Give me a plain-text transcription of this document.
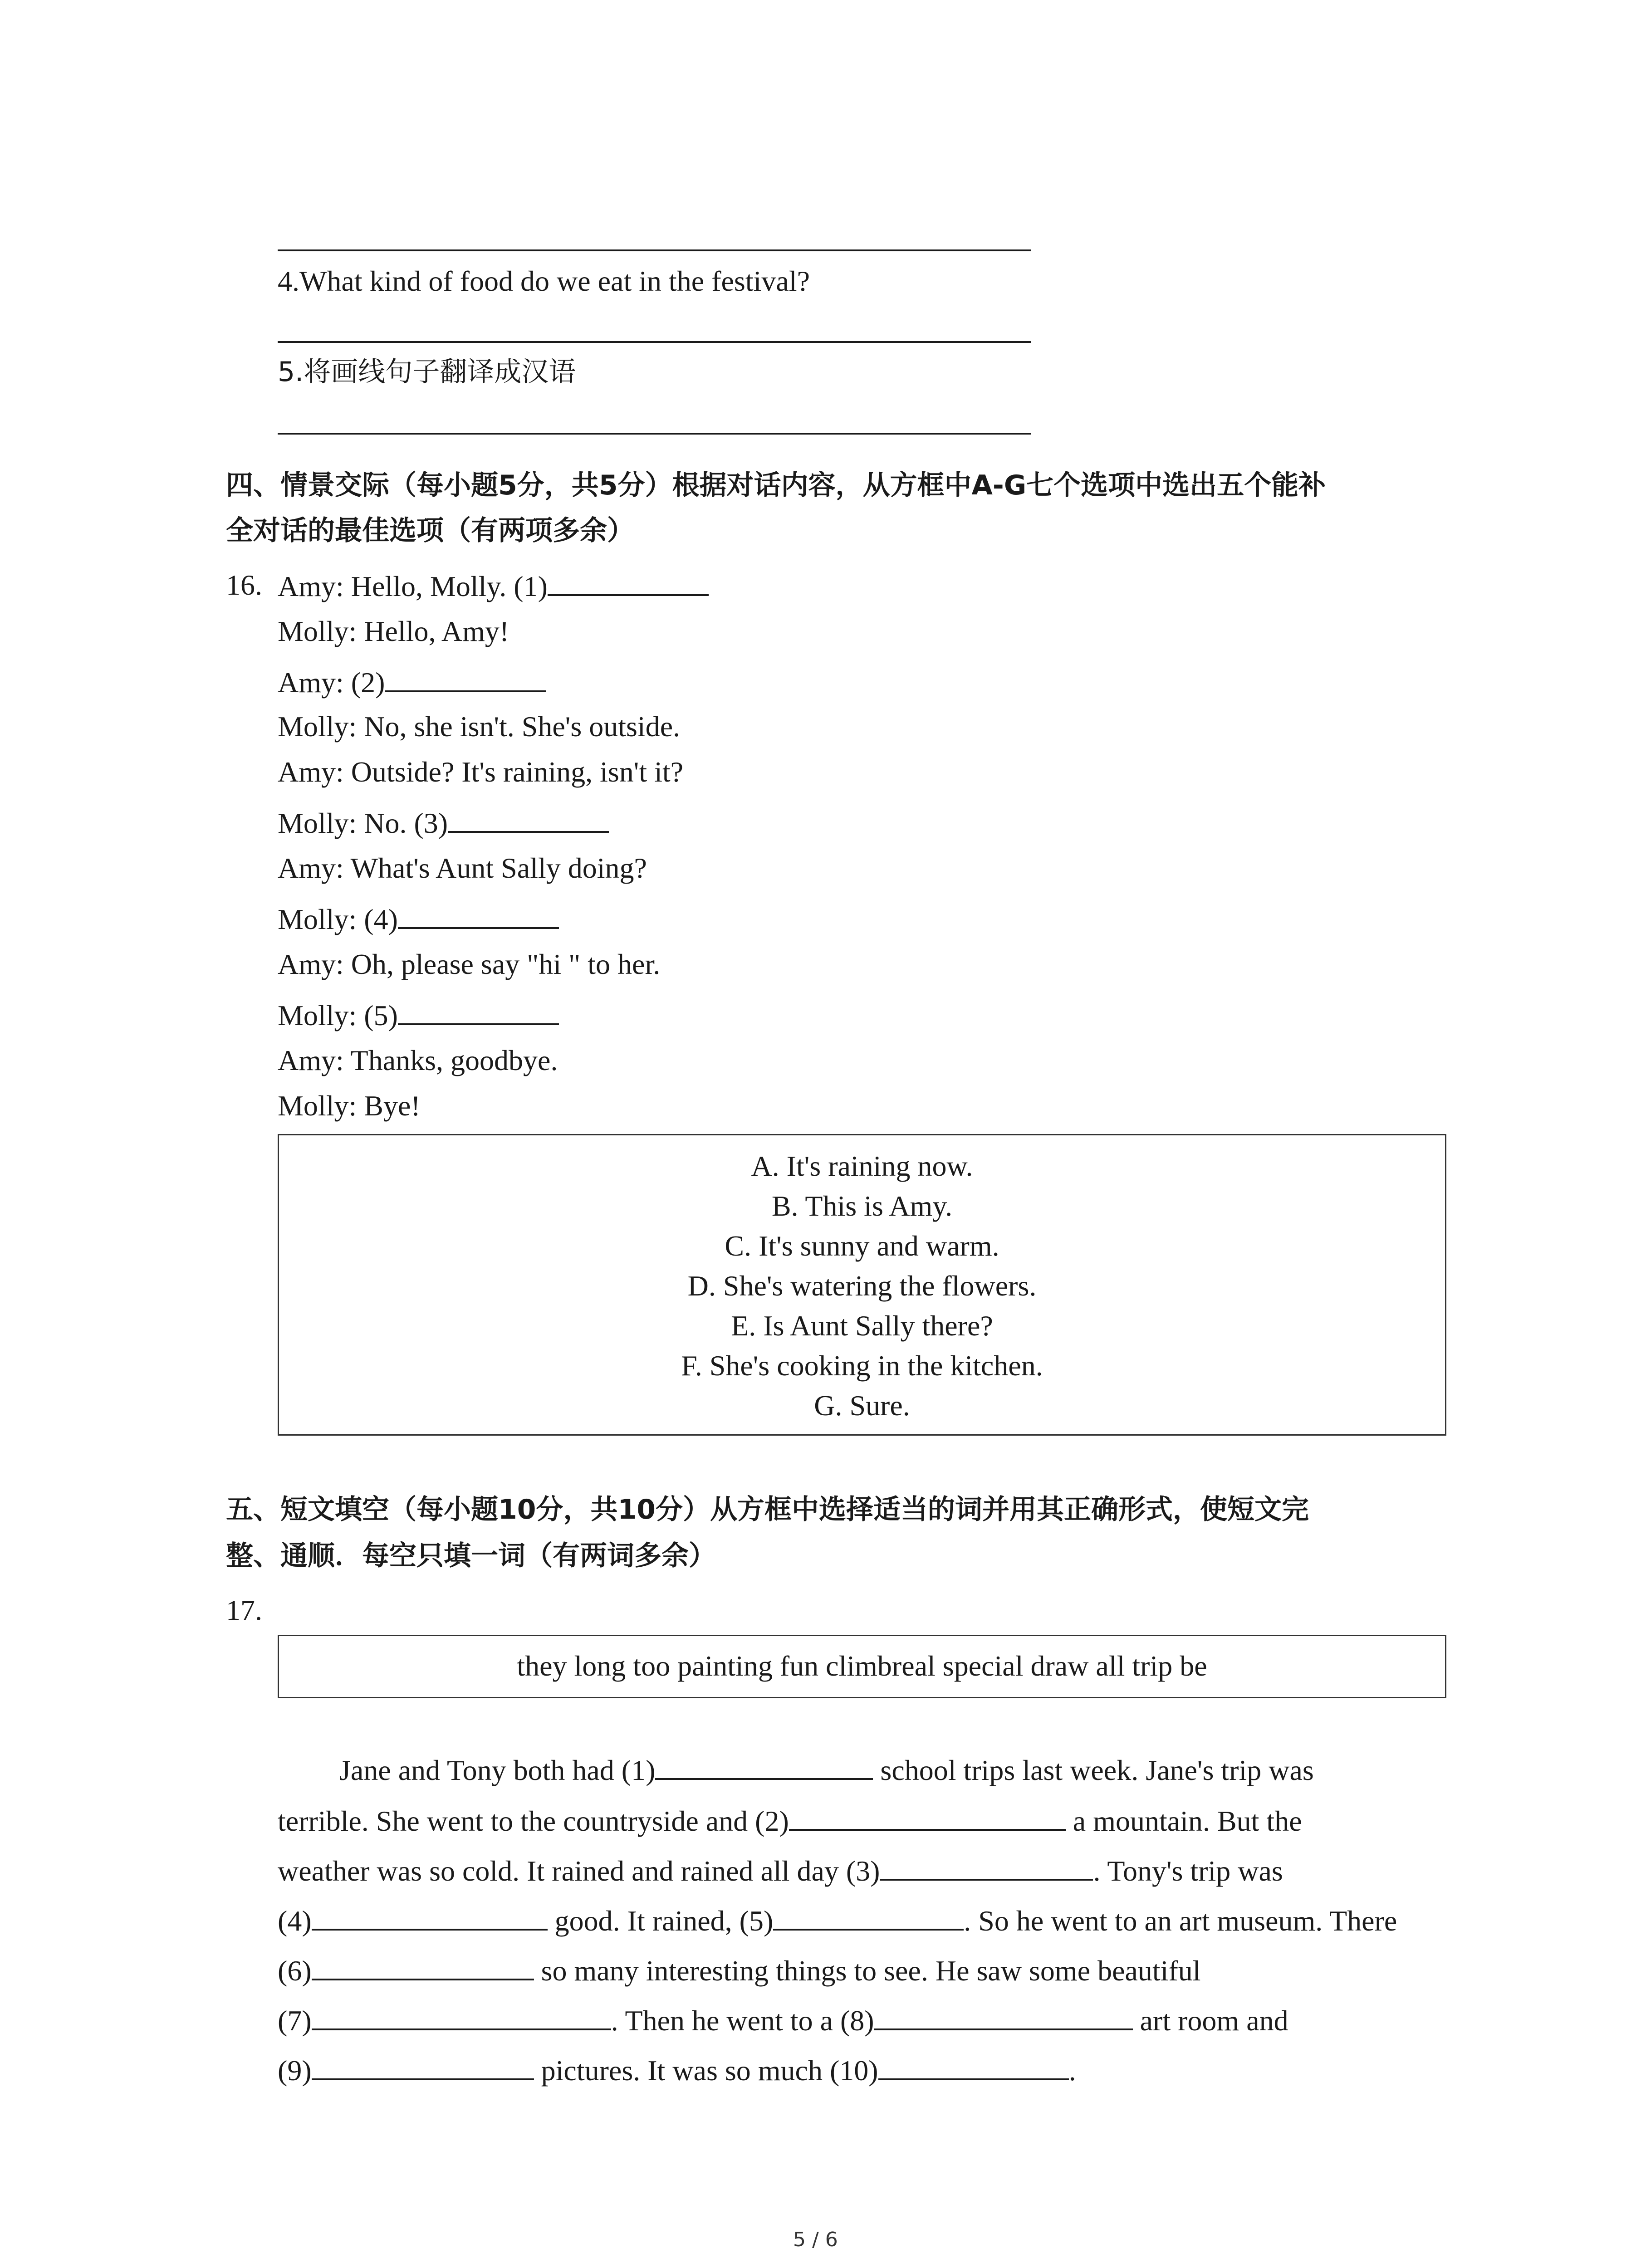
4.What kind of food do we eat in the festival?
5.将画线句子翻译成汉语
四、情景交际（每小题5分，共5分）根据对话内容，从方框中A-G七个选项中选出五个能补
全对话的最佳选项（有两项多余）
16. Amy: Hello, Molly. (1)
Molly: Hello, Amy!
Amy: (2)
Molly: No, she isn't. She's outside.
Amy: Outside? It's raining, isn't it?
Molly: No. (3)
Amy: What's Aunt Sally doing?
Molly: (4)
Amy: Oh, please say "hi " to her.
Molly: (5)
Amy: Thanks, goodbye.
Molly: Bye!
A. It's raining now.
B. This is Amy.
C. It's sunny and warm.
D. She's watering the flowers.
E. Is Aunt Sally there?
F. She's cooking in the kitchen.
G. Sure.
五、短文填空（每小题10分，共10分）从方框中选择适当的词并用其正确形式，使短文完
整、通顺．每空只填一词（有两词多余）
17.
they long too painting fun climbreal special draw all trip be
Jane and Tony both had (1)	school trips last week. Jane's trip was
terrible. She went to the countryside and (2)	a mountain. But the
weather was so cold. It rained and rained all day (3)	. Tony's trip was
(4)	good. It rained, (5)	. So he went to an art museum. There
(6)	so many interesting things to see. He saw some beautiful
(7)	. Then he went to a (8)	art room and
(9)	pictures. It was so much (10)	.
5 / 6
